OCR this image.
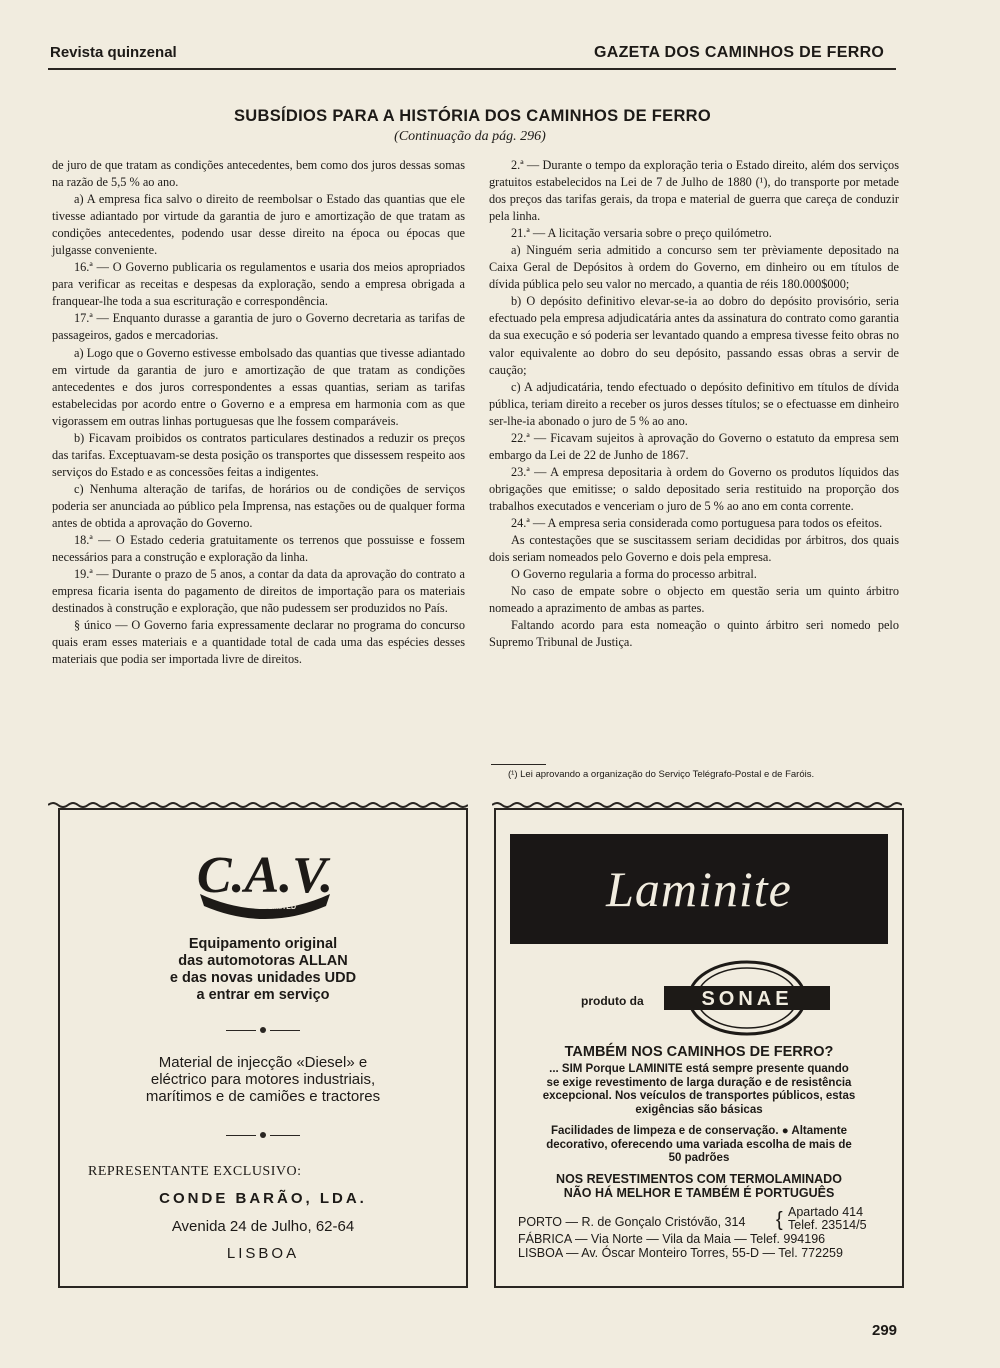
Revista quinzenal	GAZETA DOS CAMINHOS DE FERRO
SUBSÍDIOS PARA A HISTÓRIA DOS CAMINHOS DE FERRO
(Continuação da pág. 296)

de juro de que tratam as condições antecedentes, bem como dos juros dessas somas na razão de 5,5 % ao ano.

a) A empresa fica salvo o direito de reembolsar o Estado das quantias que ele tivesse adiantado por virtude da garantia de juro e amortização de que tratam as condições antecedentes, podendo usar desse direito na época ou épocas que julgasse conveniente.

16.ª — O Governo publicaria os regulamentos e usaria dos meios apropriados para verificar as receitas e despesas da exploração, sendo a empresa obrigada a franquear-lhe toda a sua escrituração e correspondência.

17.ª — Enquanto durasse a garantia de juro o Governo decretaria as tarifas de passageiros, gados e mercadorias.

a) Logo que o Governo estivesse embolsado das quantias que tivesse adiantado em virtude da garantia de juro e amortização de que tratam as condições antecedentes e dos juros correspondentes a essas quantias, seriam as tarifas estabelecidas por acordo entre o Governo e a empresa em harmonia com as que vigorassem em outras linhas portuguesas que lhe fossem comparáveis.

b) Ficavam proibidos os contratos particulares destinados a reduzir os preços das tarifas. Exceptuavam-se desta posição os transportes que dissessem respeito aos serviços do Estado e as concessões feitas a indigentes.

c) Nenhuma alteração de tarifas, de horários ou de condições de serviços poderia ser anunciada ao público pela Imprensa, nas estações ou de qualquer forma antes de obtida a aprovação do Governo.

18.ª — O Estado cederia gratuitamente os terrenos que possuisse e fossem necessários para a construção e exploração da linha.

19.ª — Durante o prazo de 5 anos, a contar da data da aprovação do contrato a empresa ficaria isenta do pagamento de direitos de importação para os materiais destinados à construção e exploração, que não pudessem ser produzidos no País.

§ único — O Governo faria expressamente declarar no programa do concurso quais eram esses materiais e a quantidade total de cada uma das espécies desses materiais que podia ser importada livre de direitos.

2.ª — Durante o tempo da exploração teria o Estado direito, além dos serviços gratuitos estabelecidos na Lei de 7 de Julho de 1880 (¹), do transporte por metade dos preços das tarifas gerais, da tropa e material de guerra que careça de conduzir pela linha.

21.ª — A licitação versaria sobre o preço quilómetro.

a) Ninguém seria admitido a concurso sem ter prèviamente depositado na Caixa Geral de Depósitos à ordem do Governo, em dinheiro ou em títulos de dívida pública pelo seu valor no mercado, a quantia de réis 180.000$000;

b) O depósito definitivo elevar-se-ia ao dobro do depósito provisório, seria efectuado pela empresa adjudicatária antes da assinatura do contrato como garantia da sua execução e só poderia ser levantado quando a empresa tivesse feito obras no valor equivalente ao dobro do seu depósito, passando essas obras a servir de caução;

c) A adjudicatária, tendo efectuado o depósito definitivo em títulos de dívida pública, teriam direito a receber os juros desses títulos; se o efectuasse em dinheiro ser-lhe-ia abonado o juro de 5 % ao ano.

22.ª — Ficavam sujeitos à aprovação do Governo o estatuto da empresa sem embargo da Lei de 22 de Junho de 1867.

23.ª — A empresa depositaria à ordem do Governo os produtos líquidos das obrigações que emitisse; o saldo depositado seria restituido na proporção dos trabalhos executados e venceriam o juro de 5 % ao ano em conta corrente.

24.ª — A empresa seria considerada como portuguesa para todos os efeitos.

As contestações que se suscitassem seriam decididas por árbitros, dos quais dois seriam nomeados pelo Governo e dois pela empresa.

O Governo regularia a forma do processo arbitral.

No caso de empate sobre o objecto em questão seria um quinto árbitro nomeado a aprazimento de ambas as partes.

Faltando acordo para esta nomeação o quinto árbitro seri nomedo pelo Supremo Tribunal de Justiça.

(¹) Lei aprovando a organização do Serviço Telégrafo-Postal e de Faróis.
C.A.V.
LIMITED
Equipamento original
das automotoras ALLAN
e das novas unidades UDD
a entrar em serviço
Material de injecção «Diesel» e
eléctrico para motores industriais,
marítimos e de camiões e tractores
REPRESENTANTE EXCLUSIVO:
CONDE BARÃO, LDA.
Avenida 24 de Julho, 62-64
LISBOA
Laminite
produto da	SONAE
TAMBÉM NOS CAMINHOS DE FERRO?
... SIM Porque LAMINITE está sempre presente quando
se exige revestimento de larga duração e de resistência
excepcional. Nos veículos de transportes públicos, estas
exigências são básicas
Facilidades de limpeza e de conservação. ● Altamente
decorativo, oferecendo uma variada escolha de mais de
50 padrões
NOS REVESTIMENTOS COM TERMOLAMINADO
NÃO HÁ MELHOR E TAMBÉM É PORTUGUÊS
PORTO — R. de Gonçalo Cristóvão, 314 { Apartado 414
Telef. 23514/5
FÁBRICA — Via Norte — Vila da Maia — Telef. 994196
LISBOA — Av. Óscar Monteiro Torres, 55-D — Tel. 772259
299
